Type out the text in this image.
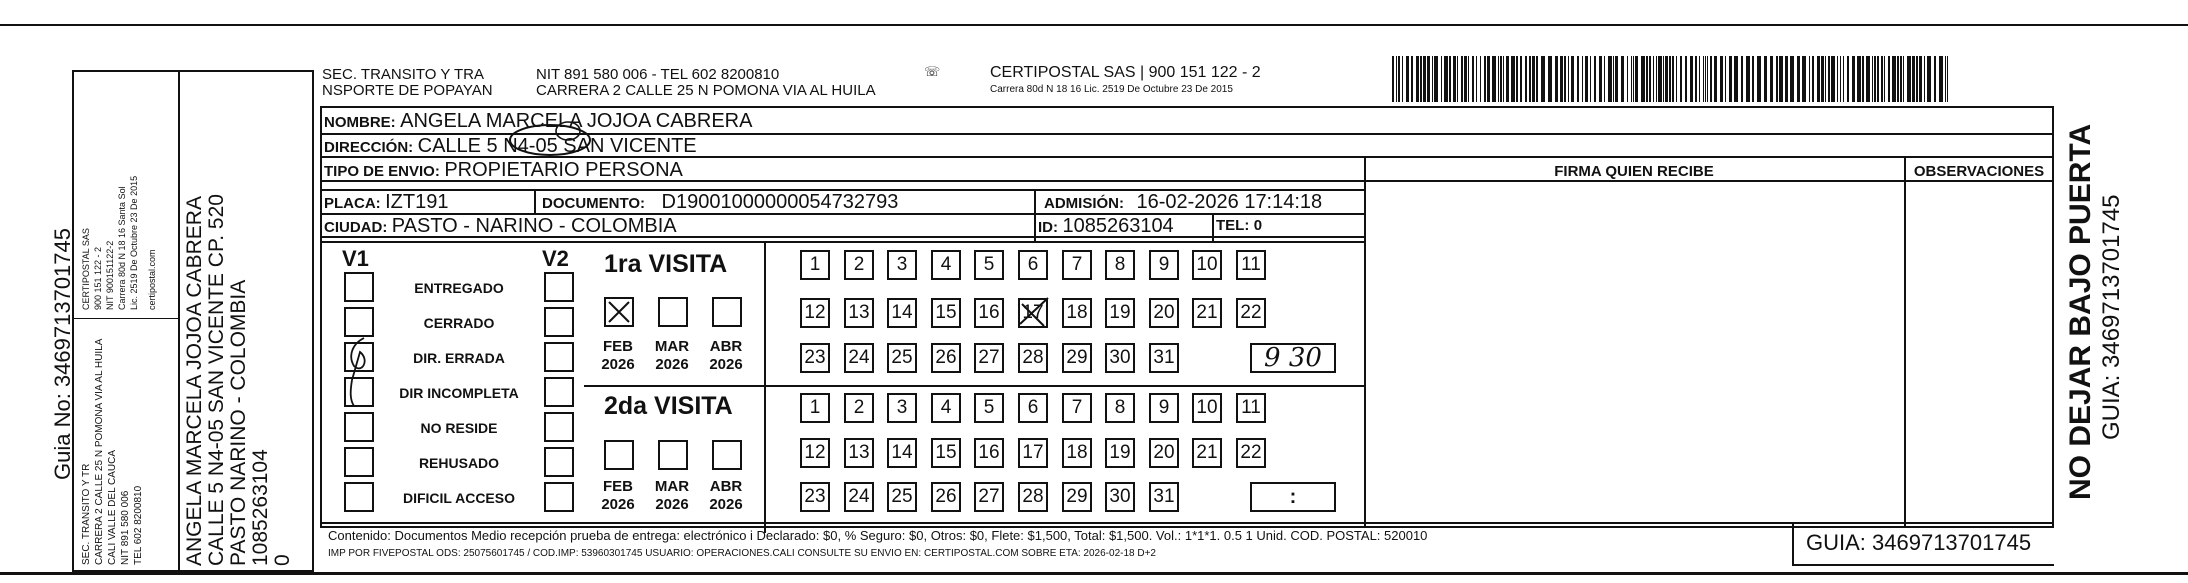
Guia No: 3469713701745
SEC. TRANSITO Y TR CARRERA 2 CALLE 25 N POMONA VIA AL HUILA CALI VALLE DEL CAUCA NIT 891 580 006 TEL 602 8200810
CERTIPOSTAL SAS 900 151 122 - 2 NIT 900151122-2 Carrera 80d N 18 16 Santa Sol Lic. 2519 De Octubre 23 De 2015 certipostal.com ANGELA MARCELA JOJOA CABRERA CALLE 5 N4-05 SAN VICENTE CP. 520 PASTO NARINO - COLOMBIA 1085263104 0
SEC. TRANSITO Y TRA
NSPORTE DE POPAYAN
NIT 891 580 006 - TEL 602 8200810
CARRERA 2 CALLE 25 N POMONA VIA AL HUILA
☏	CERTIPOSTAL SAS | 900 151 122 - 2
Carrera 80d N 18 16 Lic. 2519 De Octubre 23 De 2015
NOMBRE: ANGELA MARCELA JOJOA CABRERA
DIRECCIÓN: CALLE 5 N4-05 SAN VICENTE
TIPO DE ENVIO: PROPIETARIO PERSONA	FIRMA QUIEN RECIBE	OBSERVACIONES
PLACA: IZT191	DOCUMENTO: D19001000000054732793	ADMISIÓN: 16-02-2026 17:14:18
CIUDAD: PASTO - NARINO - COLOMBIA	ID: 1085263104	TEL: 0
V1	V2 1ra VISITA
2da VISITA
ENTREGADO
CERRADO
DIR. ERRADA
DIR INCOMPLETA
NO RESIDE
REHUSADO
DIFICIL ACCESO
FEB
2026
MAR
2026
ABR
2026
FEB
2026
MAR
2026
ABR
2026
1	2	3	4	5	6	7	8	9	10 11
12 13 14 15 16 17 18 19 20 21 22
23 24 25 26 27 28 29 30 31
1	2	3	4	5	6	7	8	9	10 11
12 13 14 15 16 17 18 19 20 21 22
23 24 25 26 27 28 29 30 31
9 30
:
Contenido: Documentos Medio recepción prueba de entrega: electrónico i Declarado: $0, % Seguro: $0, Otros: $0, Flete: $1,500, Total: $1,500. Vol.: 1*1*1. 0.5 1 Unid. COD. POSTAL: 520010
IMP POR FIVEPOSTAL ODS: 25075601745 / COD.IMP: 53960301745 USUARIO: OPERACIONES.CALI CONSULTE SU ENVIO EN: CERTIPOSTAL.COM SOBRE ETA: 2026-02-18 D+2	GUIA: 3469713701745
NO DEJAR BAJO PUERTA GUIA: 3469713701745
